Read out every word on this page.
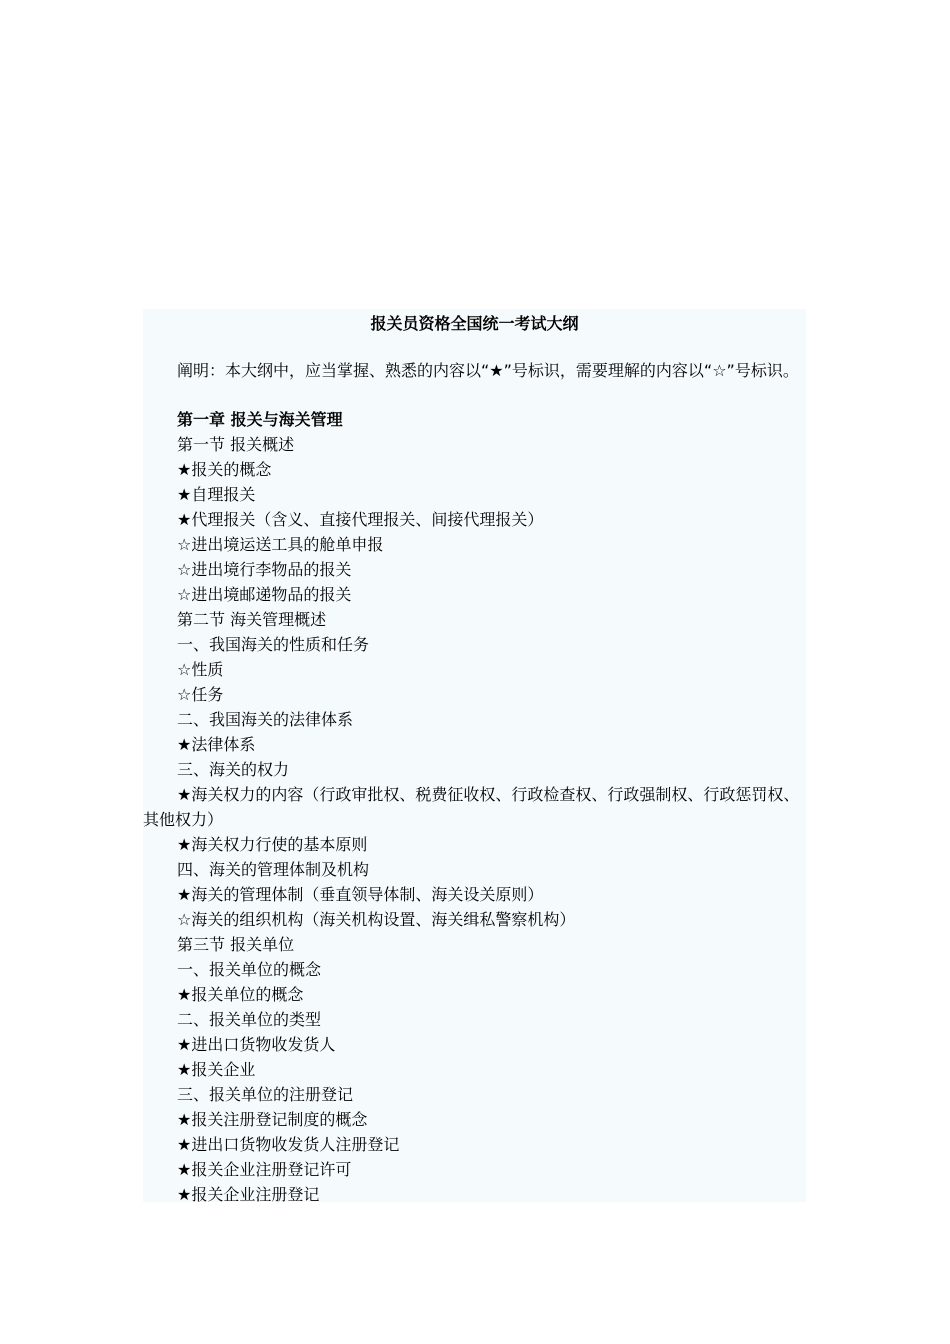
报关员资格全国统一考试大纲

阐明：本大纲中，应当掌握、熟悉的内容以“★”号标识，需要理解的内容以“☆”号标识。

第一章 报关与海关管理
第一节 报关概述
★报关的概念
★自理报关
★代理报关（含义、直接代理报关、间接代理报关）
☆进出境运送工具的舱单申报
☆进出境行李物品的报关
☆进出境邮递物品的报关
第二节 海关管理概述
一、我国海关的性质和任务
☆性质
☆任务
二、我国海关的法律体系
★法律体系
三、海关的权力
★海关权力的内容（行政审批权、税费征收权、行政检查权、行政强制权、行政惩罚权、其他权力）
★海关权力行使的基本原则
四、海关的管理体制及机构
★海关的管理体制（垂直领导体制、海关设关原则）
☆海关的组织机构（海关机构设置、海关缉私警察机构）
第三节 报关单位
一、报关单位的概念
★报关单位的概念
二、报关单位的类型
★进出口货物收发货人
★报关企业
三、报关单位的注册登记
★报关注册登记制度的概念
★进出口货物收发货人注册登记
★报关企业注册登记许可
★报关企业注册登记
